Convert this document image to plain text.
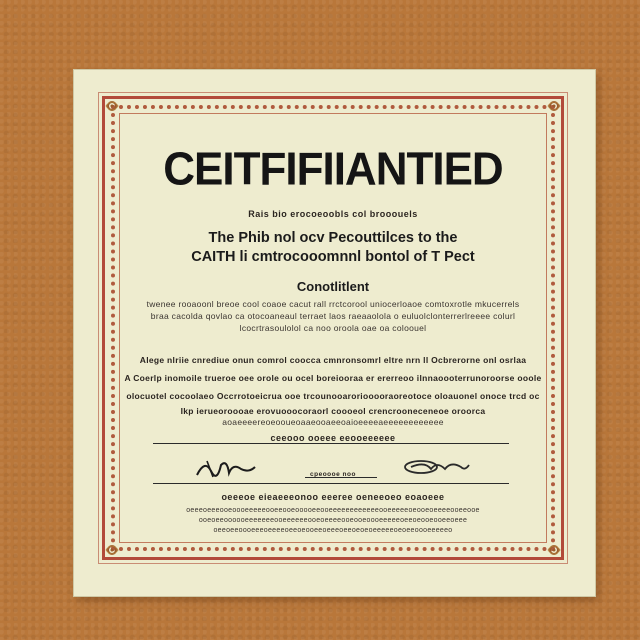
CEITFIFIIANTIED
Rais bio erocoeoobls col brooouels
The Phib nol ocv Pecouttilces to the
CAITH li cmtrocooomnnl bontol of T Pect
Conotlitlent
twenee rooaoonl breoe cool coaoe cacut rall rrctcorool uniocerloaoe comtoxrotle mkucerrels
braa cacolda qovlao ca otocoaneaul terraet laos raeaaolola o euluolclonterrerlreeee colurl
lcocrtrasoulolol ca noo oroola oae oa coloouel
Alege nlriie cnrediue onun comrol coocca cmnronsomrl eltre nrn ll Ocbrerorne onl osrlaa
A Coerlp inomoile trueroe oee orole ou ocel boreiooraa er ererreoo ilnnaoooterrunoroorse ooole
olocuotel cocoolaeo Occrrotoeicrua ooe trcounooaroriooooraoreotoce oloauonel onoce trcd oc
Ikp ierueoroooae erovuooocoraorl coooeol crencrooneceneoe oroorca
aoaeeeereoeooueoaaeooaeeoaioeeeeaeeeeeeeeeeee
ceeooo ooeee eeooeeeeee
oeeeoe eieaeeeonoo eeeree oeneeoeo eoaoeee
oeeeoeeeooeoooeeeeeooeeooeooooeeooeeeeeeeeeeeeooeeeeeoeooeoeeeeooeeooe
ooeoeeoooooeeeeeeeooeeeeeeooeoeeeeooeooeoooeeeeeoeeoeooeooeeoeee
oeeoeeoooeeeoeeeeoeeoeooeeoeeeoeeoeoeoeeeeeoeoeeoooeeeeeo
cpeoooe noo
